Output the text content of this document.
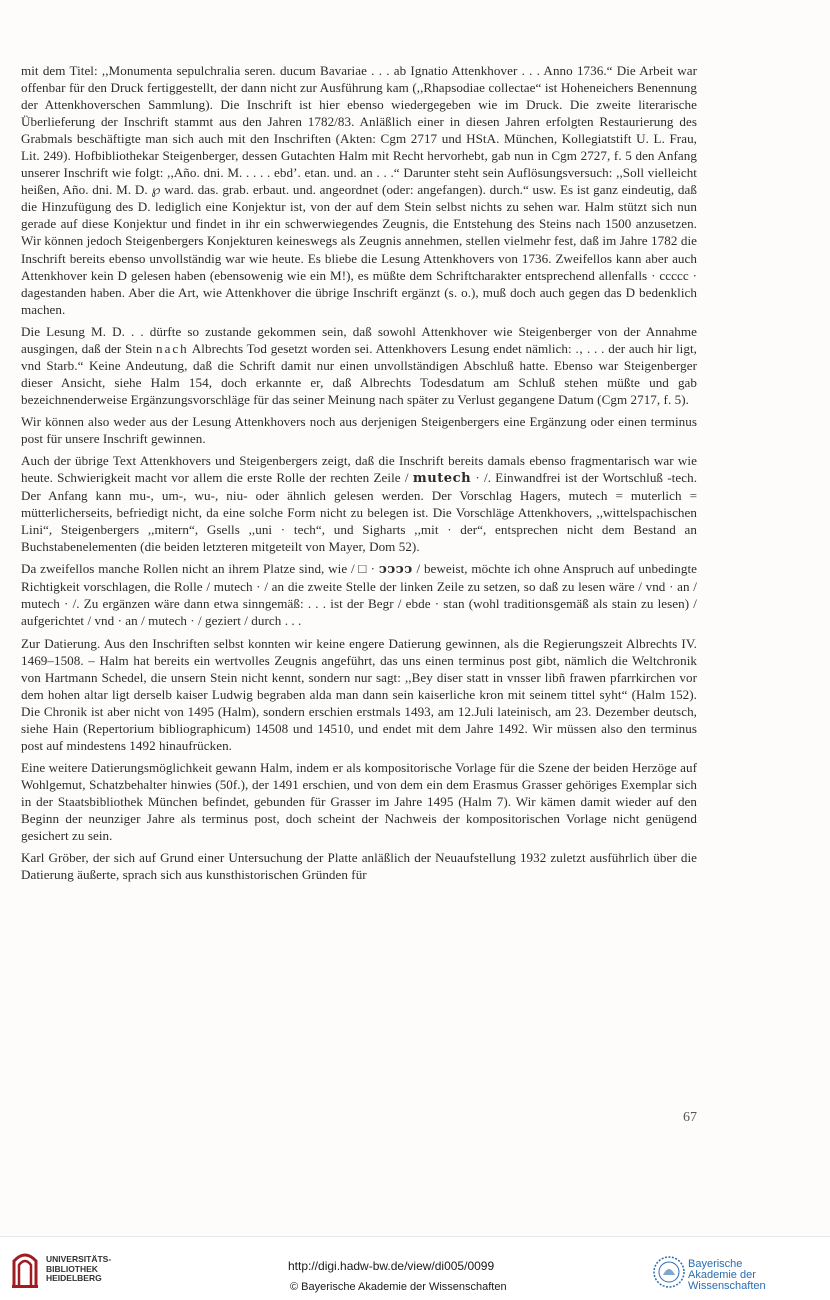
mit dem Titel: ,,Monumenta sepulchralia seren. ducum Bavariae . . . ab Ignatio Attenkhover . . . Anno 1736.“ Die Arbeit war offenbar für den Druck fertiggestellt, der dann nicht zur Ausführung kam (,,Rhapsodiae collectae“ ist Hoheneichers Benennung der Attenkhoverschen Sammlung). Die Inschrift ist hier ebenso wiedergegeben wie im Druck. Die zweite literarische Überlieferung der Inschrift stammt aus den Jahren 1782/83. Anläßlich einer in diesen Jahren erfolgten Restaurierung des Grabmals beschäftigte man sich auch mit den Inschriften (Akten: Cgm 2717 und HStA. München, Kollegiatstift U. L. Frau, Lit. 249). Hofbibliothekar Steigenberger, dessen Gutachten Halm mit Recht hervorhebt, gab nun in Cgm 2727, f. 5 den Anfang unserer Inschrift wie folgt: ,,Año. dni. M. . . . . ebd’. etan. und. an . . .“ Darunter steht sein Auflösungsversuch: ,,Soll vielleicht heißen, Año. dni. M. D. ℘ ward. das. grab. erbaut. und. angeordnet (oder: angefangen). durch.“ usw. Es ist ganz eindeutig, daß die Hinzufügung des D. lediglich eine Konjektur ist, von der auf dem Stein selbst nichts zu sehen war. Halm stützt sich nun gerade auf diese Konjektur und findet in ihr ein schwerwiegendes Zeugnis, die Entstehung des Steins nach 1500 anzusetzen. Wir können jedoch Steigenbergers Konjekturen keineswegs als Zeugnis annehmen, stellen vielmehr fest, daß im Jahre 1782 die Inschrift bereits ebenso unvollständig war wie heute. Es bliebe die Lesung Attenkhovers von 1736. Zweifellos kann aber auch Attenkhover kein D gelesen haben (ebensowenig wie ein M!), es müßte dem Schriftcharakter entsprechend allenfalls · ccccc · dagestanden haben. Aber die Art, wie Attenkhover die übrige Inschrift ergänzt (s. o.), muß doch auch gegen das D bedenklich machen.

Die Lesung M. D. . . dürfte so zustande gekommen sein, daß sowohl Attenkhover wie Steigenberger von der Annahme ausgingen, daß der Stein nach Albrechts Tod gesetzt worden sei. Attenkhovers Lesung endet nämlich: .‚ . . . der auch hir ligt, vnd Starb.“ Keine Andeutung, daß die Schrift damit nur einen unvollständigen Abschluß hatte. Ebenso war Steigenberger dieser Ansicht, siehe Halm 154, doch erkannte er, daß Albrechts Todesdatum am Schluß stehen müßte und gab bezeichnenderweise Ergänzungsvorschläge für das seiner Meinung nach später zu Verlust gegangene Datum (Cgm 2717, f. 5).

Wir können also weder aus der Lesung Attenkhovers noch aus derjenigen Steigenbergers eine Ergänzung oder einen terminus post für unsere Inschrift gewinnen.

Auch der übrige Text Attenkhovers und Steigenbergers zeigt, daß die Inschrift bereits damals ebenso fragmentarisch war wie heute. Schwierigkeit macht vor allem die erste Rolle der rechten Zeile / mutech · /. Einwandfrei ist der Wortschluß -tech. Der Anfang kann mu-, um-, wu-, niu- oder ähnlich gelesen werden. Der Vorschlag Hagers, mutech = muterlich = mütterlicherseits, befriedigt nicht, da eine solche Form nicht zu belegen ist. Die Vorschläge Attenkhovers, ,,wittelspachischen Lini“, Steigenbergers ,,mitern“, Gsells ,,uni · tech“, und Sigharts ,,mit · der“, entsprechen nicht dem Bestand an Buchstabenelementen (die beiden letzteren mitgeteilt von Mayer, Dom 52).

Da zweifellos manche Rollen nicht an ihrem Platze sind, wie / □ · ↄↄↄↄ / beweist, möchte ich ohne Anspruch auf unbedingte Richtigkeit vorschlagen, die Rolle / mutech · / an die zweite Stelle der linken Zeile zu setzen, so daß zu lesen wäre / vnd · an / mutech · /. Zu ergänzen wäre dann etwa sinngemäß: . . . ist der Begr / ebde · stan (wohl traditionsgemäß als stain zu lesen) / aufgerichtet / vnd · an / mutech · / geziert / durch . . .

Zur Datierung. Aus den Inschriften selbst konnten wir keine engere Datierung gewinnen, als die Regierungszeit Albrechts IV. 1469–1508. – Halm hat bereits ein wertvolles Zeugnis angeführt, das uns einen terminus post gibt, nämlich die Weltchronik von Hartmann Schedel, die unsern Stein nicht kennt, sondern nur sagt: ,,Bey diser statt in vnsser libñ frawen pfarrkirchen vor dem hohen altar ligt derselb kaiser Ludwig begraben alda man dann sein kaiserliche kron mit seinem tittel syht“ (Halm 152). Die Chronik ist aber nicht von 1495 (Halm), sondern erschien erstmals 1493, am 12.Juli lateinisch, am 23. Dezember deutsch, siehe Hain (Repertorium bibliographicum) 14508 und 14510, und endet mit dem Jahre 1492. Wir müssen also den terminus post auf mindestens 1492 hinaufrücken.

Eine weitere Datierungsmöglichkeit gewann Halm, indem er als kompositorische Vorlage für die Szene der beiden Herzöge auf Wohlgemut, Schatzbehalter hinwies (50f.), der 1491 erschien, und von dem ein dem Erasmus Grasser gehöriges Exemplar sich in der Staatsbibliothek München befindet, gebunden für Grasser im Jahre 1495 (Halm 7). Wir kämen damit wieder auf den Beginn der neunziger Jahre als terminus post, doch scheint der Nachweis der kompositorischen Vorlage nicht genügend gesichert zu sein.

Karl Gröber, der sich auf Grund einer Untersuchung der Platte anläßlich der Neuaufstellung 1932 zuletzt ausführlich über die Datierung äußerte, sprach sich aus kunsthistorischen Gründen für

67
UNIVERSITÄTS-
BIBLIOTHEK
HEIDELBERG
http://digi.hadw-bw.de/view/di005/0099
© Bayerische Akademie der Wissenschaften
Bayerische
Akademie der Wissenschaften
